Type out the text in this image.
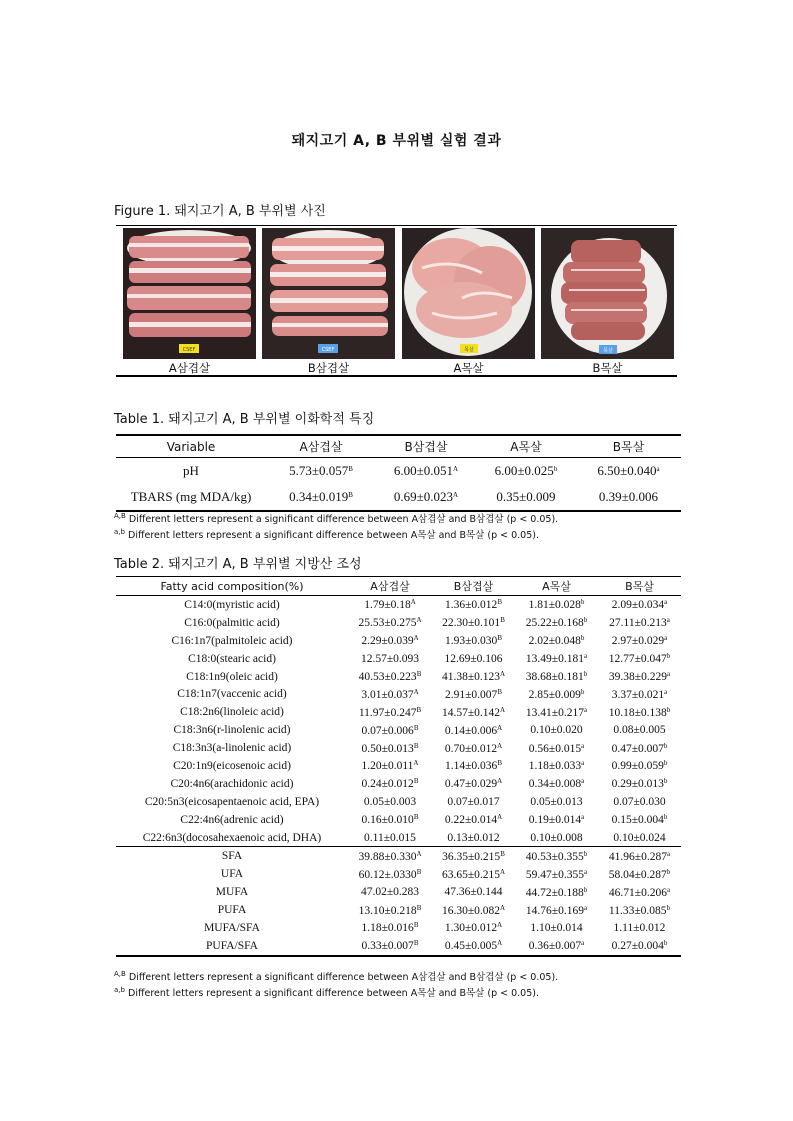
돼지고기 A, B 부위별 실험 결과
Figure 1. 돼지고기 A, B 부위별 사진
CSEF	CSEF	목살	목살
A삼겹살	B삼겹살	A목살	B목살
Table 1. 돼지고기 A, B 부위별 이화학적 특징
Variable	A삼겹살	B삼겹살	A목살	B목살
pH	$5.73\pm 0.057^B$	$6.00\pm 0.051^A$	6.00±0.025$^b$	6.50±0.040$^a$
TBARS (mg MDA/kg)	$0.34\pm 0.019^B$	$0.69\pm 0.023^A$	0.35±0.009	0.39±0.006
$^{A,B}$ Different letters represent a significant difference between A삼겹살 and B삼겹살 (p < 0.05).
$^{a,b}$ Different letters represent a significant difference between A목살 and B목살 (p < 0.05).
Table 2. 돼지고기 A, B 부위별 지방산 조성
Fatty acid composition(%)	A삼겹살	B삼겹살	A목살	B목살
C14:0(myristic acid)	$1.79\pm 0.18^A$	$1.36\pm 0.012^B$	1.81±0.028$^b$	2.09±0.034$^a$
C16:0(palmitic acid)	$25.53\pm 0.275^A$	$22.30\pm 0.101^B$	25.22±0.168$^b$	27.11±0.213$^a$
C16:1n7(palmitoleic acid)	$2.29\pm 0.039^A$	$1.93\pm 0.030^B$	2.02±0.048$^b$	2.97±0.029$^a$
C18:0(stearic acid)	12.57±0.093	12.69±0.106	13.49±0.181$^a$	12.77±0.047$^b$
C18:1n9(oleic acid)	$40.53\pm 0.223^B$	$41.38\pm 0.123^A$	38.68±0.181$^b$	39.38±0.229$^a$
C18:1n7(vaccenic acid)	$3.01\pm 0.037^A$	$2.91\pm 0.007^B$	2.85±0.009$^b$	3.37±0.021$^a$
C18:2n6(linoleic acid)	$11.97\pm 0.247^B$	$14.57\pm 0.142^A$	13.41±0.217$^a$	10.18±0.138$^b$
C18:3n6(r-linolenic acid)	$0.07\pm 0.006^B$	$0.14\pm 0.006^A$	0.10±0.020	0.08±0.005
C18:3n3(a-linolenic acid)	$0.50\pm 0.013^B$	$0.70\pm 0.012^A$	0.56±0.015$^a$	0.47±0.007$^b$
C20:1n9(eicosenoic acid)	$1.20\pm 0.011^A$	$1.14\pm 0.036^B$	1.18±0.033$^a$	0.99±0.059$^b$
C20:4n6(arachidonic acid)	$0.24\pm 0.012^B$	$0.47\pm 0.029^A$	0.34±0.008$^a$	0.29±0.013$^b$
C20:5n3(eicosapentaenoic acid, EPA)	0.05±0.003	0.07±0.017	0.05±0.013	0.07±0.030
C22:4n6(adrenic acid)	$0.16\pm 0.010^B$	$0.22\pm 0.014^A$	0.19±0.014$^a$	0.15±0.004$^b$
C22:6n3(docosahexaenoic acid, DHA)	0.11±0.015	0.13±0.012	0.10±0.008	0.10±0.024
SFA	$39.88\pm 0.330^A$	$36.35\pm 0.215^B$	40.53±0.355$^b$	41.96±0.287$^a$
UFA	$60.12\pm.0330^B$	$63.65\pm 0.215^A$	59.47±0.355$^a$	58.04±0.287$^b$
MUFA	47.02±0.283	47.36±0.144	44.72±0.188$^b$	46.71±0.206$^a$
PUFA	$13.10\pm 0.218^B$	$16.30\pm 0.082^A$	14.76±0.169$^a$	11.33±0.085$^b$
MUFA/SFA	$1.18\pm 0.016^B$	$1.30\pm 0.012^A$	1.10±0.014	1.11±0.012
PUFA/SFA	$0.33\pm 0.007^B$	$0.45\pm 0.005^A$	0.36±0.007$^a$	0.27±0.004$^b$
$^{A,B}$ Different letters represent a significant difference between A삼겹살 and B삼겹살 (p < 0.05).
$^{a,b}$ Different letters represent a significant difference between A목살 and B목살 (p < 0.05).
